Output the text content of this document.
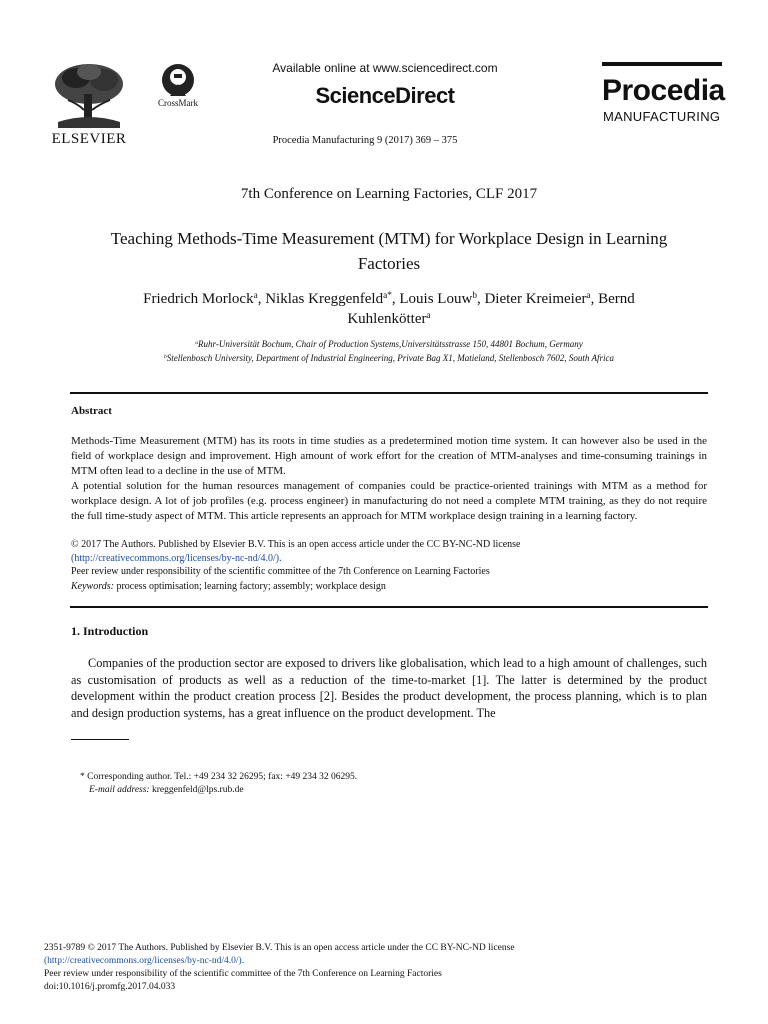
ELSEVIER
CrossMark
Available online at www.sciencedirect.com
ScienceDirect
Procedia Manufacturing 9 (2017) 369 – 375
Procedia
MANUFACTURING
7th Conference on Learning Factories, CLF 2017
Teaching Methods-Time Measurement (MTM) for Workplace Design in Learning
Factories
Friedrich Morlock$^a$, Niklas Kreggenfeld$^{a*}$, Louis Louw$^b$, Dieter Kreimeier$^a$, Bernd
Kuhlenkötter$^a$
$^a$Ruhr-Universität Bochum, Chair of Production Systems,Universitätsstrasse 150, 44801 Bochum, Germany
$^b$Stellenbosch University, Department of Industrial Engineering, Private Bag X1, Matieland, Stellenbosch 7602, South Africa
Abstract

Methods-Time Measurement (MTM) has its roots in time studies as a predetermined motion time system. It can however also be used in the field of workplace design and improvement. High amount of work effort for the creation of MTM-analyses and time-consuming trainings in MTM often lead to a decline in the use of MTM.

A potential solution for the human resources management of companies could be practice-oriented trainings with MTM as a method for workplace design. A lot of job profiles (e.g. process engineer) in manufacturing do not need a complete MTM training, as they do not require the full time-study aspect of MTM. This article represents an approach for MTM workplace design training in a learning factory.

© 2017 The Authors. Published by Elsevier B.V. This is an open access article under the CC BY-NC-ND license
(http://creativecommons.org/licenses/by-nc-nd/4.0/).
Peer review under responsibility of the scientific committee of the 7th Conference on Learning Factories
Keywords: process optimisation; learning factory; assembly; workplace design
1. Introduction

Companies of the production sector are exposed to drivers like globalisation, which lead to a high amount of challenges, such as customisation of products as well as a reduction of the time-to-market [1]. The latter is determined by the product development within the product creation process [2]. Besides the product development, the process planning, which is to plan and design production systems, has a great influence on the product development. The

* Corresponding author. Tel.: +49 234 32 26295; fax: +49 234 32 06295.
E-mail address: kreggenfeld@lps.rub.de
2351-9789 © 2017 The Authors. Published by Elsevier B.V. This is an open access article under the CC BY-NC-ND license
(http://creativecommons.org/licenses/by-nc-nd/4.0/).
Peer review under responsibility of the scientific committee of the 7th Conference on Learning Factories
doi:10.1016/j.promfg.2017.04.033
